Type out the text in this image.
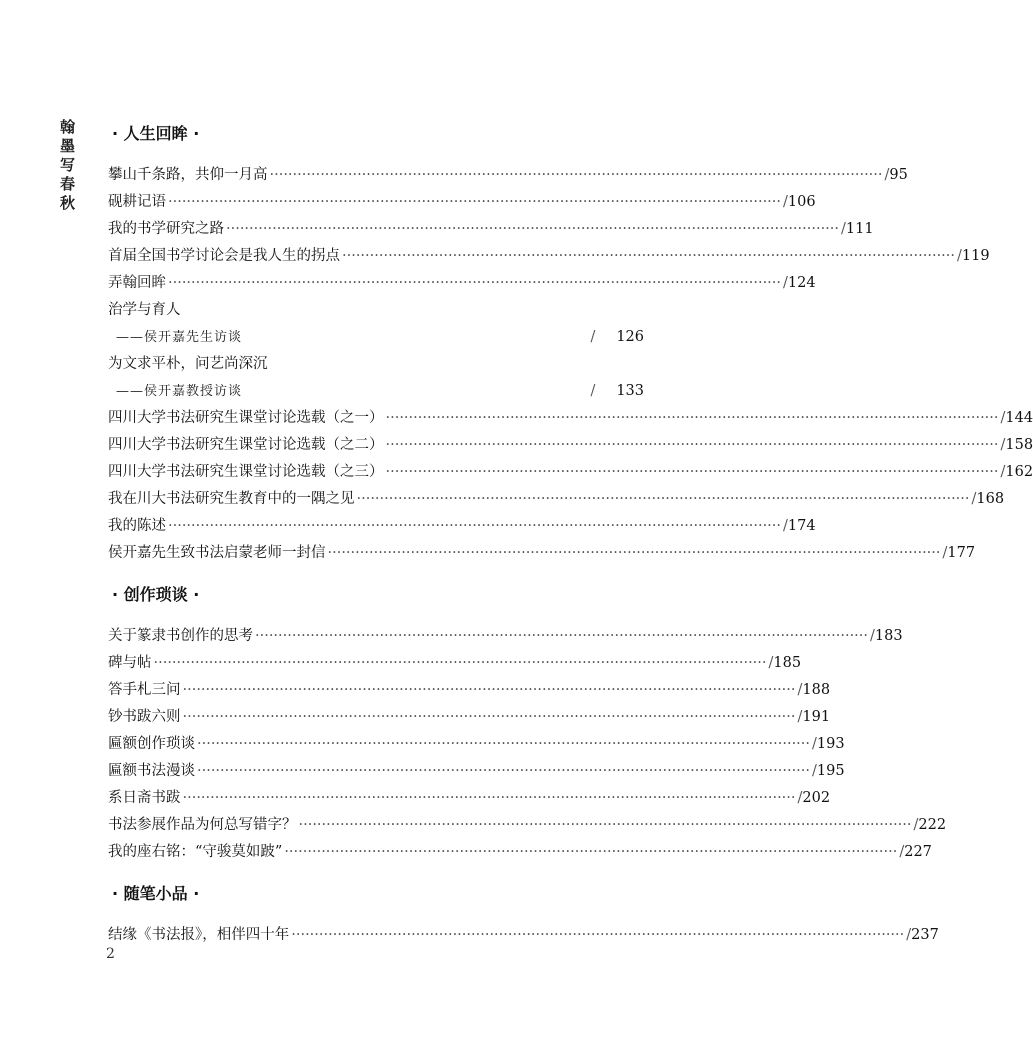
翰墨写春秋
· 人生回眸 ·
攀山千条路，共仰一月高 ····································································································································· / 95
砚耕记语 ····································································································································· / 106
我的书学研究之路 ····································································································································· / 111
首届全国书学讨论会是我人生的拐点 ····································································································································· / 119
弄翰回眸 ····································································································································· / 124
治学与育人
——侯开嘉先生访谈	/	126
为文求平朴，问艺尚深沉
——侯开嘉教授访谈	/	133
四川大学书法研究生课堂讨论选载（之一） ····································································································································· / 144
四川大学书法研究生课堂讨论选载（之二） ····································································································································· / 158
四川大学书法研究生课堂讨论选载（之三） ····································································································································· / 162
我在川大书法研究生教育中的一隅之见 ····································································································································· / 168
我的陈述 ····································································································································· / 174
侯开嘉先生致书法启蒙老师一封信 ····································································································································· / 177
· 创作琐谈 ·
关于篆隶书创作的思考 ····································································································································· / 183
碑与帖 ····································································································································· / 185
答手札三问 ····································································································································· / 188
钞书跋六则 ····································································································································· / 191
匾额创作琐谈 ····································································································································· / 193
匾额书法漫谈 ····································································································································· / 195
系日斋书跋 ····································································································································· / 202
书法参展作品为何总写错字？ ····································································································································· / 222
我的座右铭：“守骏莫如跛” ····································································································································· / 227
· 随笔小品 ·
结缘《书法报》，相伴四十年 ····································································································································· / 237
2
